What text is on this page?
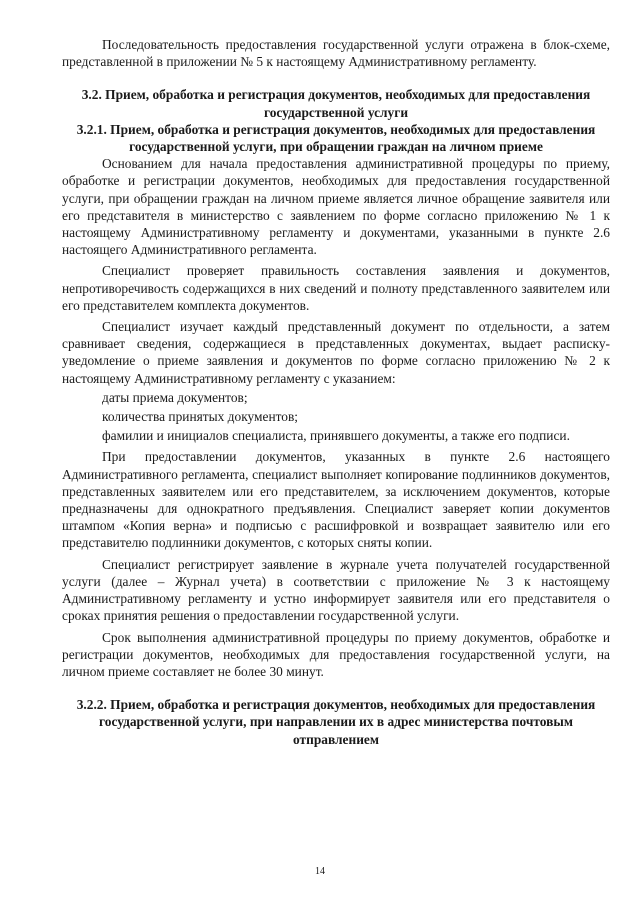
Последовательность предоставления государственной услуги отражена в блок-схеме, представленной в приложении № 5 к настоящему Административному регламенту.

3.2. Прием, обработка и регистрация документов, необходимых для предоставления государственной услуги

3.2.1. Прием, обработка и регистрация документов, необходимых для предоставления государственной услуги, при обращении граждан на личном приеме

Основанием для начала предоставления административной процедуры по приему, обработке и регистрации документов, необходимых для предоставления государственной услуги, при обращении граждан на личном приеме является личное обращение заявителя или его представителя в министерство с заявлением по форме согласно приложению № 1 к настоящему Административному регламенту и документами, указанными в пункте 2.6 настоящего Административного регламента.

Специалист проверяет правильность составления заявления и документов, непротиворечивость содержащихся в них сведений и полноту представленного заявителем или его представителем комплекта документов.

Специалист изучает каждый представленный документ по отдельности, а затем сравнивает сведения, содержащиеся в представленных документах, выдает расписку-уведомление о приеме заявления и документов по форме согласно приложению № 2 к настоящему Административному регламенту с указанием:

даты приема документов;

количества принятых документов;

фамилии и инициалов специалиста, принявшего документы, а также его подписи.

При предоставлении документов, указанных в пункте 2.6 настоящего Административного регламента, специалист выполняет копирование подлинников документов, представленных заявителем или его представителем, за исключением документов, которые предназначены для однократного предъявления. Специалист заверяет копии документов штампом «Копия верна» и подписью с расшифровкой и возвращает заявителю или его представителю подлинники документов, с которых сняты копии.

Специалист регистрирует заявление в журнале учета получателей государственной услуги (далее – Журнал учета) в соответствии с приложение № 3 к настоящему Административному регламенту и устно информирует заявителя или его представителя о сроках принятия решения о предоставлении государственной услуги.

Срок выполнения административной процедуры по приему документов, обработке и регистрации документов, необходимых для предоставления государственной услуги, на личном приеме составляет не более 30 минут.

3.2.2. Прием, обработка и регистрация документов, необходимых для предоставления государственной услуги, при направлении их в адрес министерства почтовым отправлением

14
